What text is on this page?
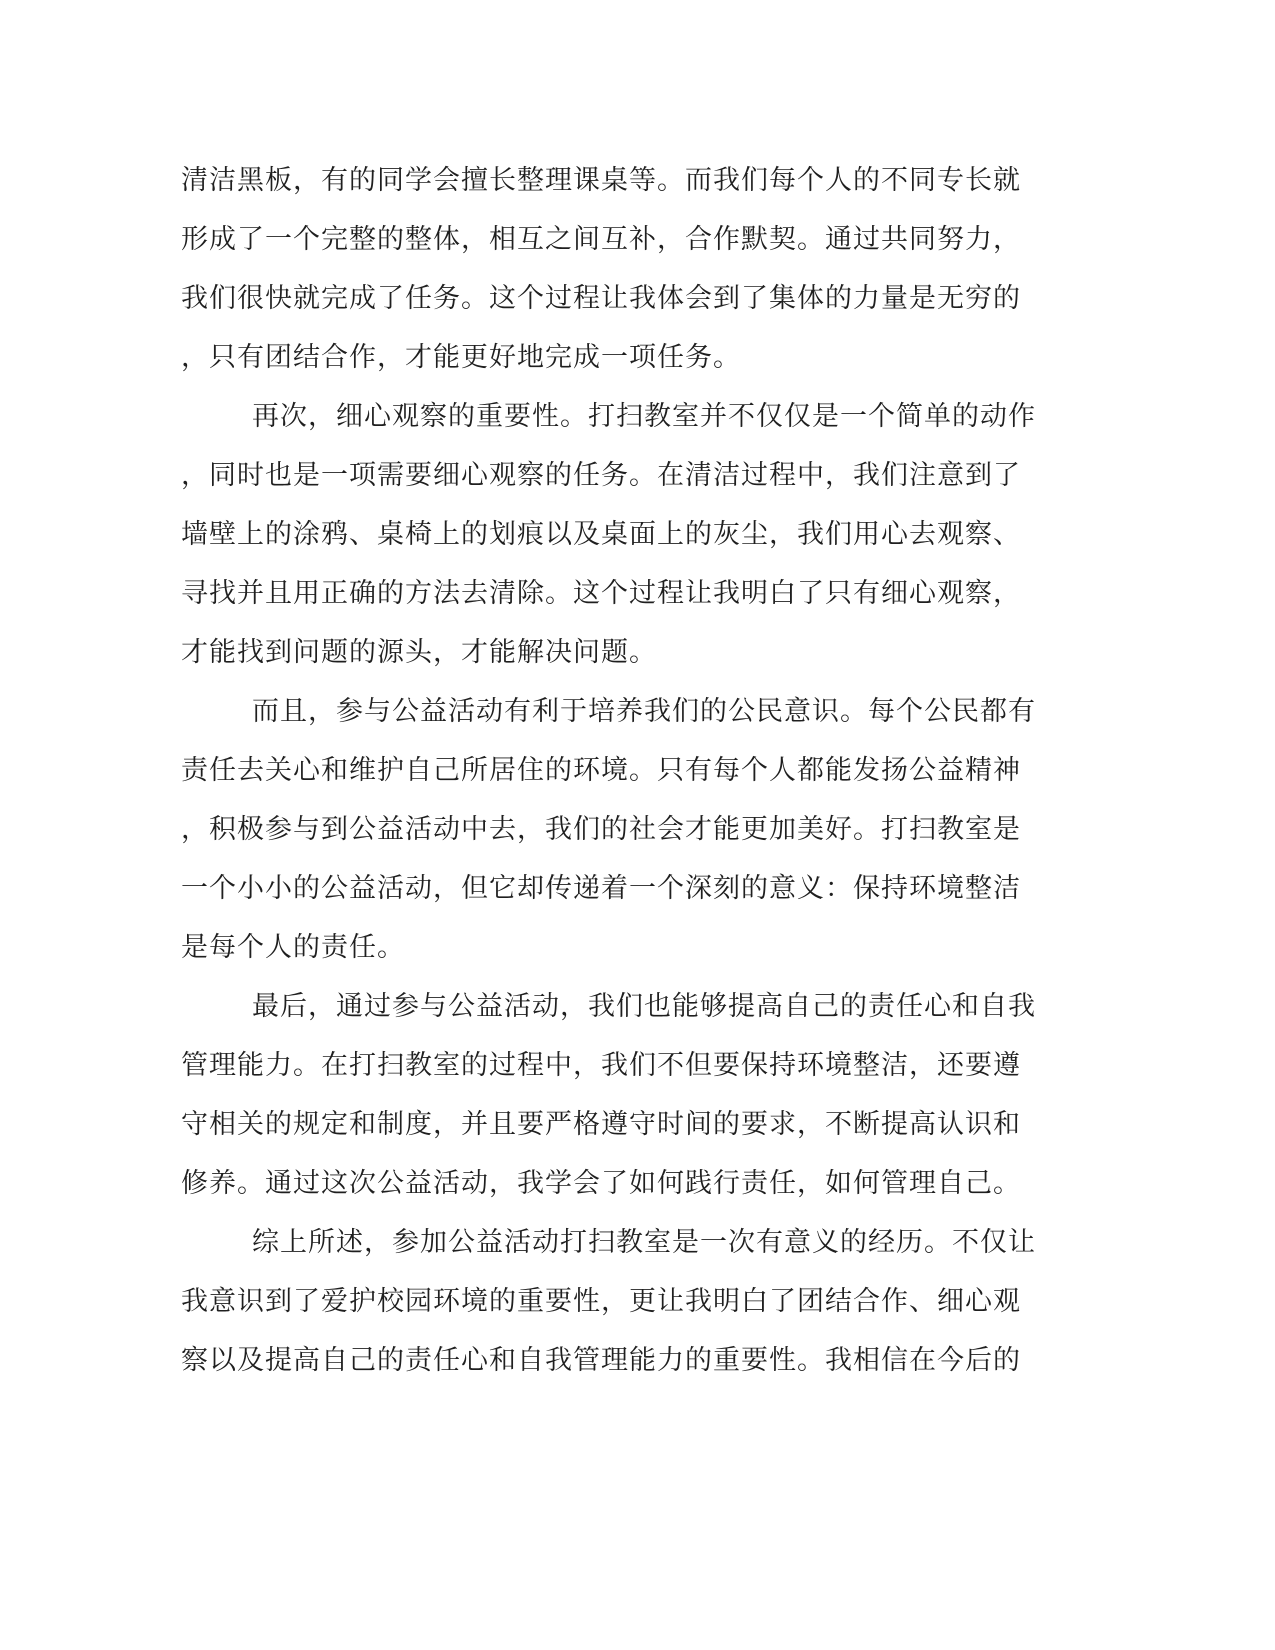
清洁黑板，有的同学会擅长整理课桌等。而我们每个人的不同专长就
形成了一个完整的整体，相互之间互补，合作默契。通过共同努力，
我们很快就完成了任务。这个过程让我体会到了集体的力量是无穷的
，只有团结合作，才能更好地完成一项任务。
再次，细心观察的重要性。打扫教室并不仅仅是一个简单的动作
，同时也是一项需要细心观察的任务。在清洁过程中，我们注意到了
墙壁上的涂鸦、桌椅上的划痕以及桌面上的灰尘，我们用心去观察、
寻找并且用正确的方法去清除。这个过程让我明白了只有细心观察，
才能找到问题的源头，才能解决问题。
而且，参与公益活动有利于培养我们的公民意识。每个公民都有
责任去关心和维护自己所居住的环境。只有每个人都能发扬公益精神
，积极参与到公益活动中去，我们的社会才能更加美好。打扫教室是
一个小小的公益活动，但它却传递着一个深刻的意义：保持环境整洁
是每个人的责任。
最后，通过参与公益活动，我们也能够提高自己的责任心和自我
管理能力。在打扫教室的过程中，我们不但要保持环境整洁，还要遵
守相关的规定和制度，并且要严格遵守时间的要求，不断提高认识和
修养。通过这次公益活动，我学会了如何践行责任，如何管理自己。
综上所述，参加公益活动打扫教室是一次有意义的经历。不仅让
我意识到了爱护校园环境的重要性，更让我明白了团结合作、细心观
察以及提高自己的责任心和自我管理能力的重要性。我相信在今后的
